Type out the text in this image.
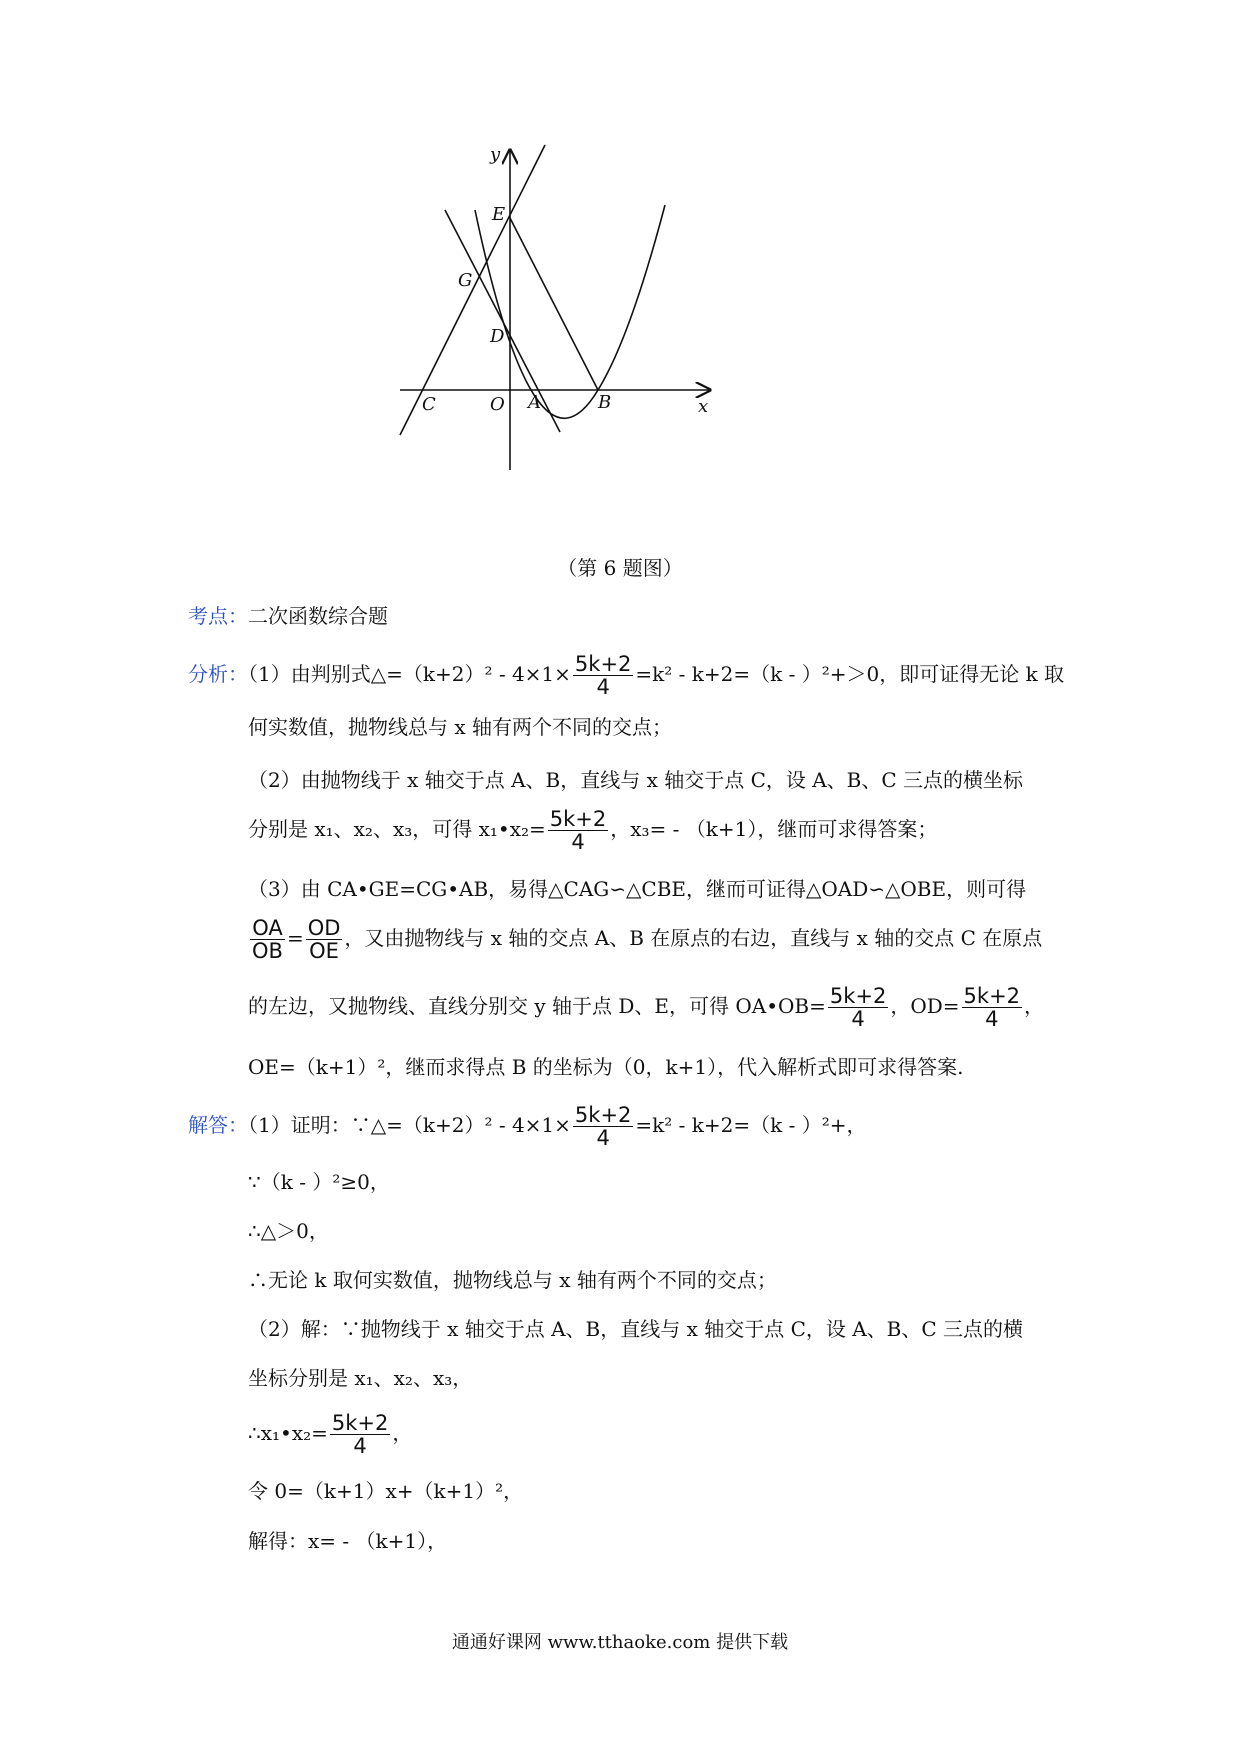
y
E
G
D
C	O A	B	x
（第 6 题图）
考点：二次函数综合题
分析：（1）由判别式△=（k+2）² - $4\times 1\times \frac{5k+2}{4} =k^2 - k+2=(k - )^2+>0$，即可证得无论 k 取
何实数值，抛物线总与 x 轴有两个不同的交点；
（2）由抛物线于 x 轴交于点 A、B，直线与 x 轴交于点 C，设 A、B、C 三点的横坐标
分别是 x₁、x₂、x₃，可得 x₁•x₂= $\frac{5k+2}{4}$ ，x₃= - （k+1），继而可求得答案；
（3）由 CA•GE=CG•AB，易得△CAG∽△CBE，继而可证得△OAD∽△OBE，则可得
$\frac{OA}{OB} = \frac{OD}{OE}$ ，又由抛物线与 x 轴的交点 A、B 在原点的右边，直线与 x 轴的交点 C 在原点
的左边，又抛物线、直线分别交 y 轴于点 D、E，可得 OA•OB= $\frac{5k+2}{4}$ ，$OD= \frac{5k+2}{4}$ ，
OE=（k+1）²，继而求得点 B 的坐标为（0，k+1），代入解析式即可求得答案.
解答：（1）证明：∵△=（k+2）² - $4\times 1\times \frac{5k+2}{4} =k^2 - k+2=(k - )^2+$，
∵（k - ）²≥0，
∴△＞0，
∴无论 k 取何实数值，抛物线总与 x 轴有两个不同的交点；
（2）解：∵抛物线于 x 轴交于点 A、B，直线与 x 轴交于点 C，设 A、B、C 三点的横
坐标分别是 x₁、x₂、x₃，
∴x₁•x₂= $\frac{5k+2}{4}$ ，
令 0=（k+1）x+（k+1）²，
解得：x= - （k+1），
通通好课网 www.tthaoke.com 提供下载
